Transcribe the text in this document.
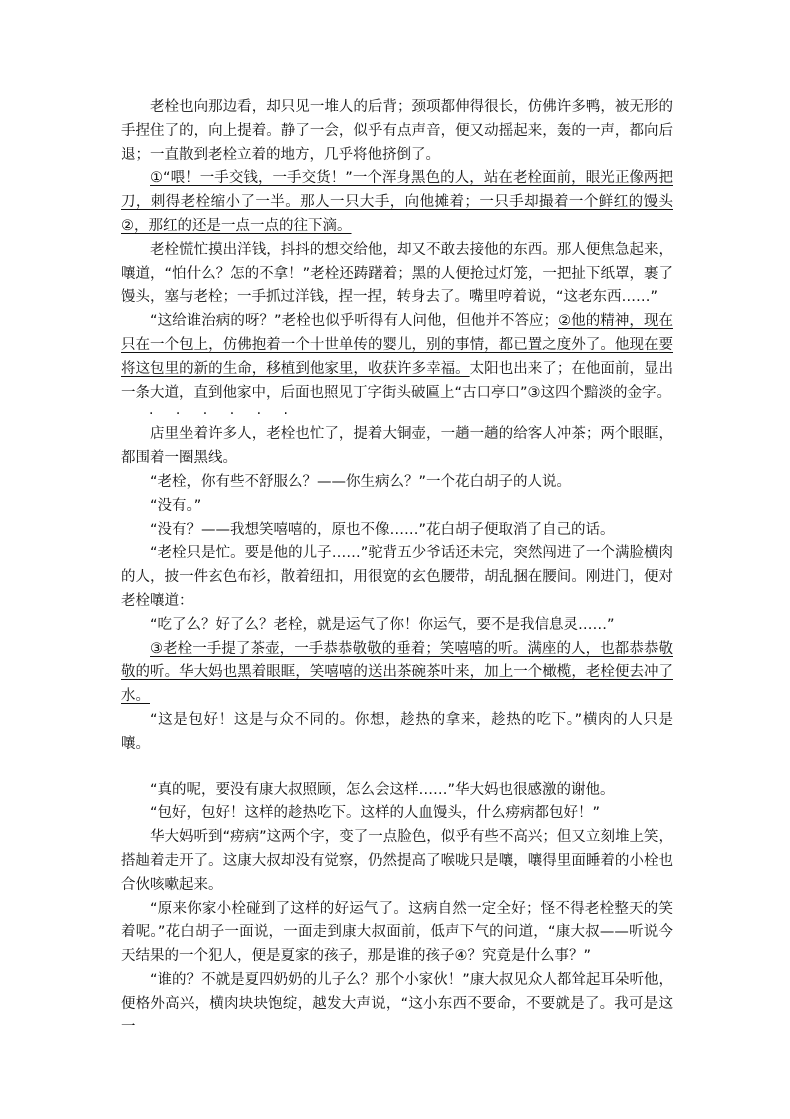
老栓也向那边看，却只见一堆人的后背；颈项都伸得很长，仿佛许多鸭，被无形的手捏住了的，向上提着。静了一会，似乎有点声音，便又动摇起来，轰的一声，都向后退；一直散到老栓立着的地方，几乎将他挤倒了。

①“喂！一手交钱，一手交货！”一个浑身黑色的人，站在老栓面前，眼光正像两把刀，刺得老栓缩小了一半。那人一只大手，向他摊着；一只手却撮着一个鲜红的馒头②，那红的还是一点一点的往下滴。

老栓慌忙摸出洋钱，抖抖的想交给他，却又不敢去接他的东西。那人便焦急起来，嚷道，“怕什么？怎的不拿！”老栓还踌躇着；黑的人便抢过灯笼，一把扯下纸罩，裹了馒头，塞与老栓；一手抓过洋钱，捏一捏，转身去了。嘴里哼着说，“这老东西……”

“这给谁治病的呀？”老栓也似乎听得有人问他，但他并不答应；②他的精神，现在只在一个包上，仿佛抱着一个十世单传的婴儿，别的事情，都已置之度外了。他现在要将这包里的新的生命，移植到他家里，收获许多幸福。太阳也出来了；在他面前，显出一条大道，直到他家中，后面也照见丁字街头破匾上“古口亭口”③这四个黯淡的金字。

· · · · · ·

店里坐着许多人，老栓也忙了，提着大铜壶，一趟一趟的给客人冲茶；两个眼眶，都围着一圈黑线。

“老栓，你有些不舒服么？——你生病么？”一个花白胡子的人说。

“没有。”

“没有？——我想笑嘻嘻的，原也不像……”花白胡子便取消了自己的话。

“老栓只是忙。要是他的儿子……”驼背五少爷话还未完，突然闯进了一个满脸横肉的人，披一件玄色布衫，散着纽扣，用很宽的玄色腰带，胡乱捆在腰间。刚进门，便对老栓嚷道：

“吃了么？好了么？老栓，就是运气了你！你运气，要不是我信息灵……”

③老栓一手提了茶壶，一手恭恭敬敬的垂着；笑嘻嘻的听。满座的人，也都恭恭敬敬的听。华大妈也黑着眼眶，笑嘻嘻的送出茶碗茶叶来，加上一个橄榄，老栓便去冲了水。

“这是包好！这是与众不同的。你想，趁热的拿来，趁热的吃下。”横肉的人只是嚷。

“真的呢，要没有康大叔照顾，怎么会这样……”华大妈也很感激的谢他。

“包好，包好！这样的趁热吃下。这样的人血馒头，什么痨病都包好！”

华大妈听到“痨病”这两个字，变了一点脸色，似乎有些不高兴；但又立刻堆上笑，搭赸着走开了。这康大叔却没有觉察，仍然提高了喉咙只是嚷，嚷得里面睡着的小栓也合伙咳嗽起来。

“原来你家小栓碰到了这样的好运气了。这病自然一定全好；怪不得老栓整天的笑着呢。”花白胡子一面说，一面走到康大叔面前，低声下气的问道，“康大叔——听说今天结果的一个犯人，便是夏家的孩子，那是谁的孩子④？究竟是什么事？”

“谁的？不就是夏四奶奶的儿子么？那个小家伙！”康大叔见众人都耸起耳朵听他，便格外高兴，横肉块块饱绽，越发大声说，“这小东西不要命，不要就是了。我可是这一
